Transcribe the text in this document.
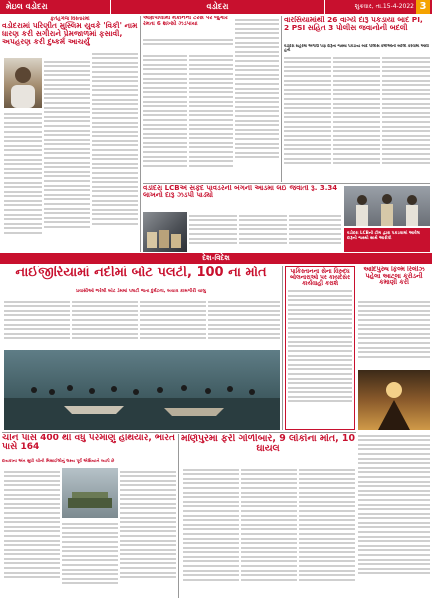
મેઇલ વડોદરા	વડોદરા	શુક્રવાર, તા.15-4-2022 3
ફતેહગંજ વિસ્તારમાં
વડોદરામાં પરિણીત મુસ્લિમ યુવકે 'વિકી' નામ ધારણ કરી સગીરાને પ્રેમજાળમાં ફસાવી, અપહરણ કરી દુષ્કર્મ આચર્યું
આમ્રપાલીમાં મકાનના ટેરેસ પર જુગાર રમતા 6 શખ્સો ઝડપાયા	વારસિયામાંથી 26 વાગ્યે દારૂ પકડાયા બાદ PI, 2 PSI સહિત 3 પોલીસ જવાનોની બદલી
વડોદરા શહેરમાં અગાઉ પણ દારૂના જથ્થા પકડાયા બાદ પોલીસ કર્મીઓની બદલી કરવામાં આવી હતી
વડોદરા LCBએ સફેદ પાવડરની બેગની આડમાં લઈ જવાતો રૂ. 3.34 લાખનો દારૂ ઝડપી પાડ્યો
વડોદરા LCBની ટીમ દ્વારા પકડવામાં આવેલ દારૂનો જથ્થો સાથે આરોપી
દેશ-વિદેશ
નાઈજીરિયામાં નદીમાં બોટ પલટી, 100 ના મોત
પ્રવાસીઓ ભરેલી બોટ ડેમમાં પલટી જતા દુર્ઘટના, બચાવ કામગીરી ચાલુ
પાકિસ્તાનના સેના વિરુદ્ધ બોલનારાઓ પર કાયદેસર કાર્યવાહી કરાશે
આદિપુરુષ ફિલ્મ રિલીઝ પહેલા આટલા કરોડની કમાણી કરી
ચીન પાસે 400 થી વધુ પરમાણુ હથિયાર, ભારત પાસે 164
દાયકાના અંત સુધી ચીની મિસાઈલોનું લક્ષ્ય પૂર્વ એશિયાને વ્યાપે છે
મણિપુરમાં ફરી ગોળીબાર, 9 લોકોના મોત, 10 ઘાયલ
